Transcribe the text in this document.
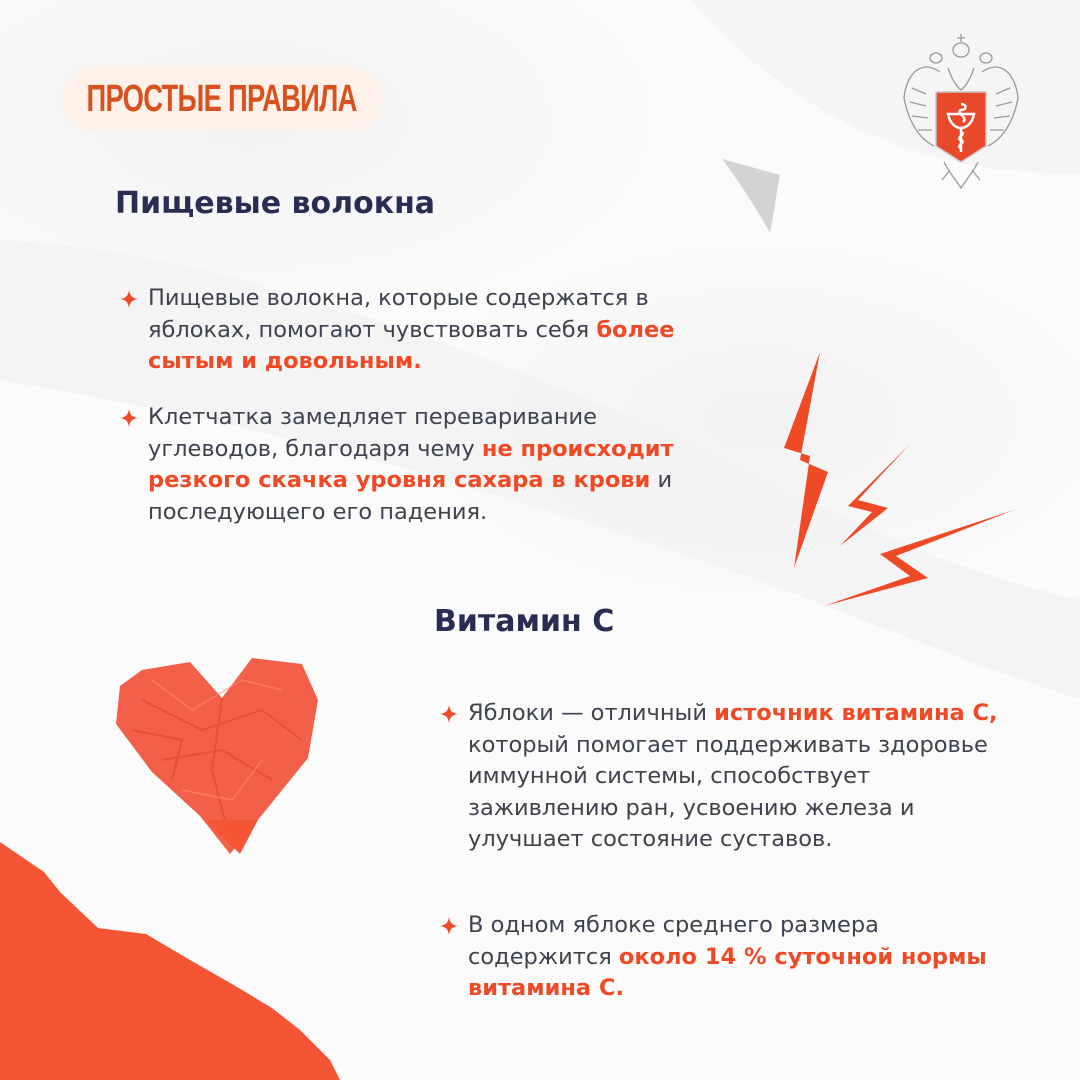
ПРОСТЫЕ ПРАВИЛА
Пищевые волокна
Пищевые волокна, которые содержатся в яблоках, помогают чувствовать себя более сытым и довольным.
Клетчатка замедляет переваривание углеводов, благодаря чему не происходит резкого скачка уровня сахара в крови и последующего его падения.
Витамин С
Яблоки — отличный источник витамина С, который помогает поддерживать здоровье иммунной системы, способствует заживлению ран, усвоению железа и улучшает состояние суставов.
В одном яблоке среднего размера содержится около 14 % суточной нормы витамина С.
